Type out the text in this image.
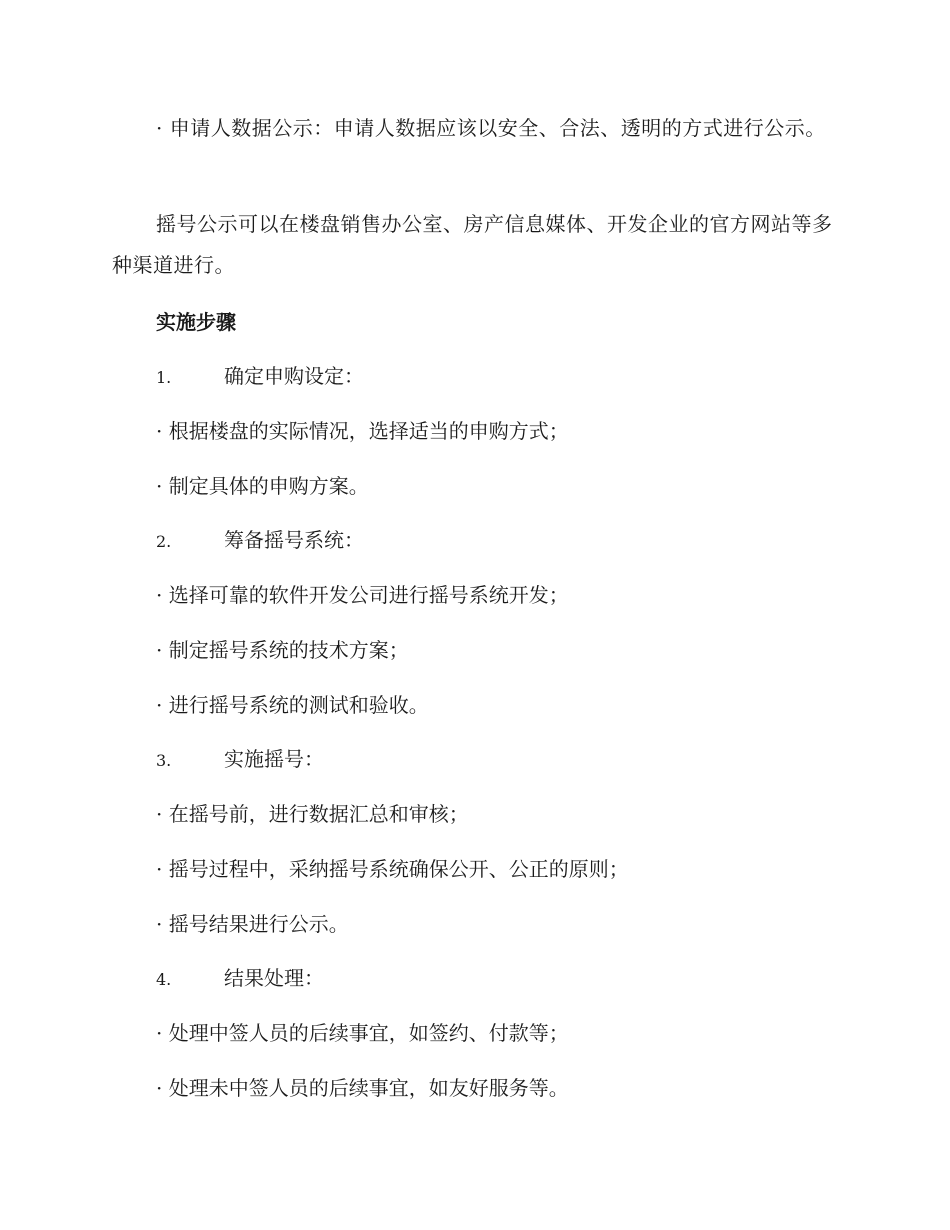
· 申请人数据公示：申请人数据应该以安全、合法、透明的方式进行公示。

摇号公示可以在楼盘销售办公室、房产信息媒体、开发企业的官方网站等多种渠道进行。

实施步骤

1.	确定申购设定：

· 根据楼盘的实际情况，选择适当的申购方式；

· 制定具体的申购方案。

2.	筹备摇号系统：

· 选择可靠的软件开发公司进行摇号系统开发；

· 制定摇号系统的技术方案；

· 进行摇号系统的测试和验收。

3.	实施摇号：

· 在摇号前，进行数据汇总和审核；

· 摇号过程中，采纳摇号系统确保公开、公正的原则；

· 摇号结果进行公示。

4.	结果处理：

· 处理中签人员的后续事宜，如签约、付款等；

· 处理未中签人员的后续事宜，如友好服务等。
